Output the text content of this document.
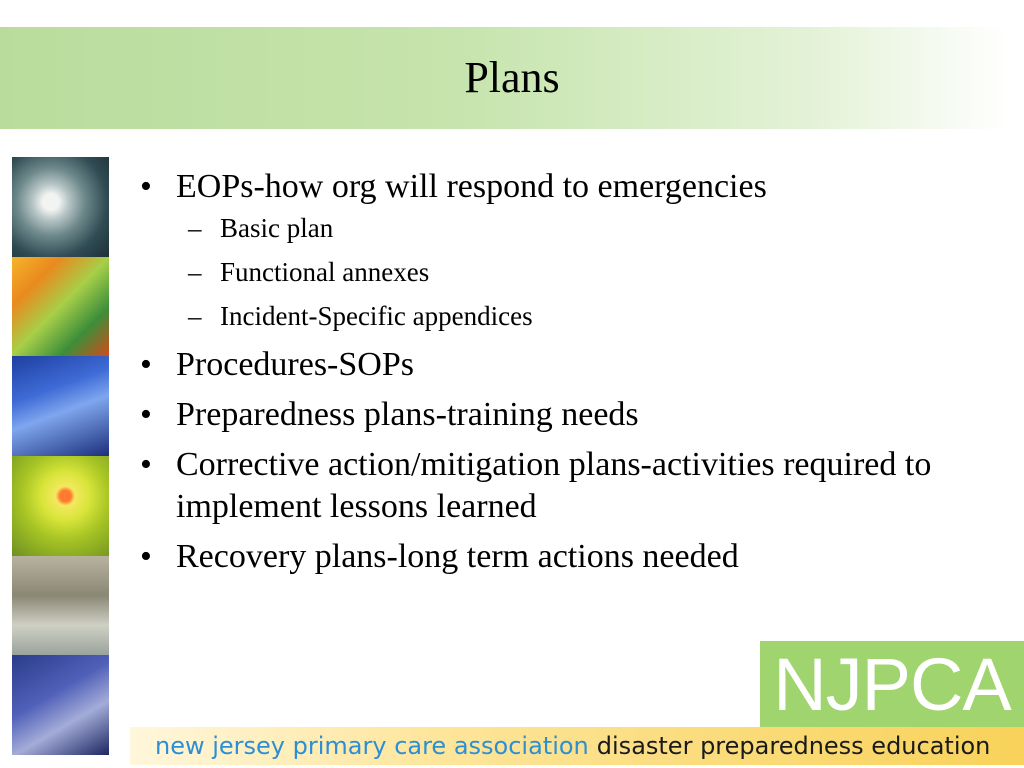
Plans
• EOPs-how org will respond to emergencies
– Basic plan
– Functional annexes
– Incident-Specific appendices
• Procedures-SOPs
• Preparedness plans-training needs
• Corrective action/mitigation plans-activities required to implement lessons learned
• Recovery plans-long term actions needed
NJPCA
new jersey primary care association disaster preparedness education
